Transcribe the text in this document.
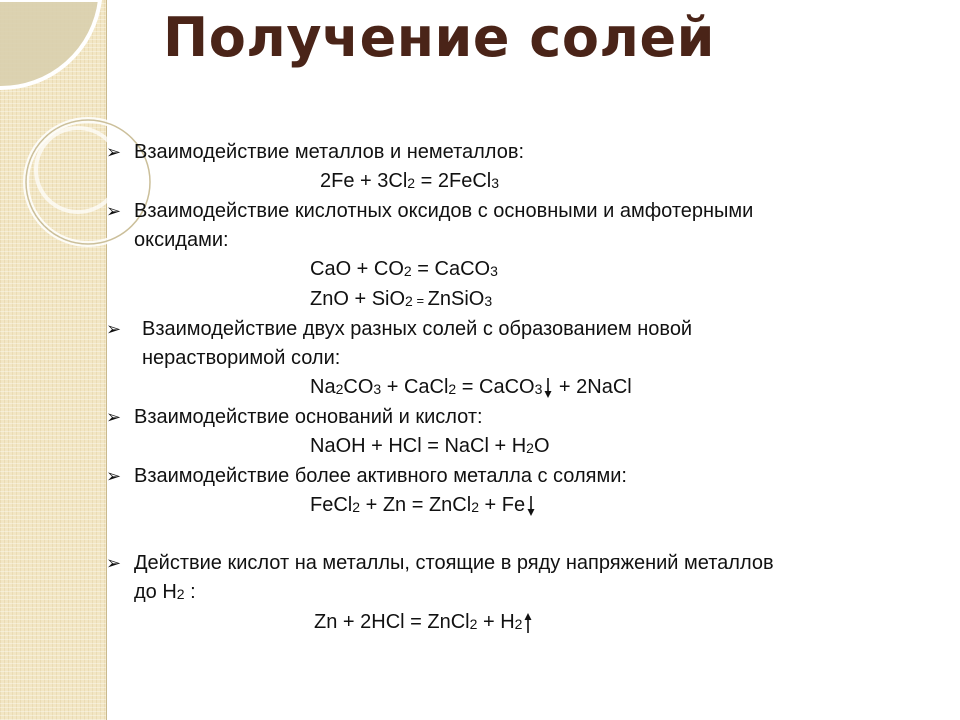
Получение солей
➢ Взаимодействие металлов и неметаллов:
$2Fe + 3Cl_2$ = 2FeCl$_3$
➢ Взаимодействие кислотных оксидов с основными и амфотерными
оксидами:
CaO + $CO_2$ = CaCO$_3$
ZnO + SiO$_2$ = ZnSiO$_3$
➢	Взаимодействие двух разных солей с образованием новой
нерастворимой соли:
$Na_2CO_3$ + CaCl$_2$ = CaCO$_3$ + 2NaCl
➢ Взаимодействие оснований и кислот:
NaOH + HCl = NaCl + $H_2O$
➢ Взаимодействие более активного металла с солями:
FeCl$_2$ + Zn = ZnCl$_2$ + Fe
➢ Действие кислот на металлы, стоящие в ряду напряжений металлов
до $H_2$ :
Zn + 2HCl = ZnCl$_2$ + $H_2$
